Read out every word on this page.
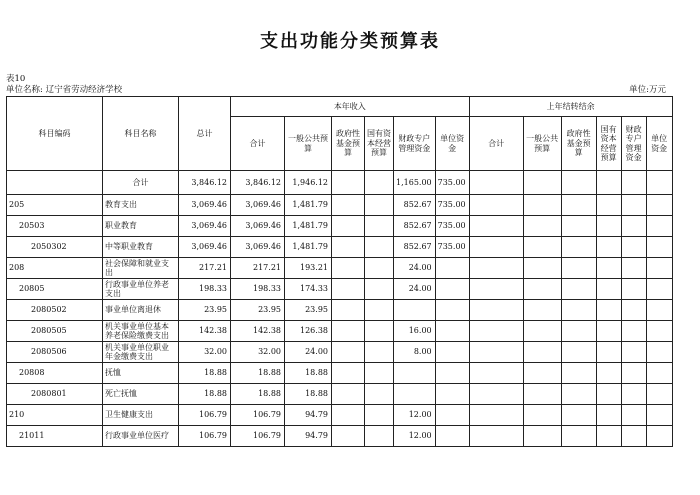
支出功能分类预算表
表10
单位名称: 辽宁省劳动经济学校	单位:万元
科目编码	科目名称	总计	本年收入						上年结转结余					
			合计	一般公共预算	政府性基金预算	国有资本经营预算	财政专户管理资金	单位资金	合计	一般公共预算	政府性基金预算	国有资本经营预算	财政专户管理资金	单位资金
	合计	3,846.12	3,846.12	1,946.12			1,165.00	735.00						
205	教育支出	3,069.46	3,069.46	1,481.79			852.67	735.00						
20503	职业教育	3,069.46	3,069.46	1,481.79			852.67	735.00						
2050302	中等职业教育	3,069.46	3,069.46	1,481.79			852.67	735.00						
208	社会保障和就业支出	217.21	217.21	193.21			24.00							
20805	行政事业单位养老支出	198.33	198.33	174.33			24.00							
2080502	事业单位离退休	23.95	23.95	23.95										
2080505	机关事业单位基本养老保险缴费支出	142.38	142.38	126.38			16.00							
2080506	机关事业单位职业年金缴费支出	32.00	32.00	24.00			8.00							
20808	抚恤	18.88	18.88	18.88										
2080801	死亡抚恤	18.88	18.88	18.88										
210	卫生健康支出	106.79	106.79	94.79			12.00							
21011	行政事业单位医疗	106.79	106.79	94.79			12.00							
